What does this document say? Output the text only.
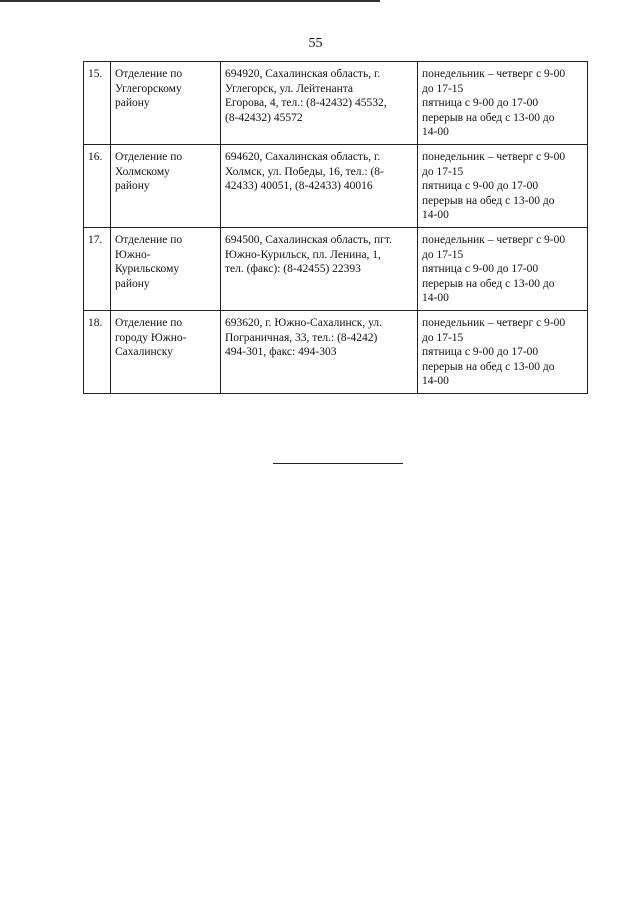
55
15.	Отделение по
Углегорскому
району	694920, Сахалинская область, г.
Углегорск, ул. Лейтенанта
Егорова, 4, тел.: (8-42432) 45532,
(8-42432) 45572	понедельник – четверг с 9-00
до 17-15
пятница с 9-00 до 17-00
перерыв на обед с 13-00 до
14-00

16.	Отделение по
Холмскому
району	694620, Сахалинская область, г.
Холмск, ул. Победы, 16, тел.: (8-
42433) 40051, (8-42433) 40016	понедельник – четверг с 9-00
до 17-15
пятница с 9-00 до 17-00
перерыв на обед с 13-00 до
14-00

17.	Отделение по
Южно-
Курильскому
району	694500, Сахалинская область, пгт.
Южно-Курильск, пл. Ленина, 1,
тел. (факс): (8-42455) 22393	понедельник – четверг с 9-00
до 17-15
пятница с 9-00 до 17-00
перерыв на обед с 13-00 до
14-00

18.	Отделение по
городу Южно-
Сахалинску	693620, г. Южно-Сахалинск, ул.
Пограничная, 33, тел.: (8-4242)
494-301, факс: 494-303	понедельник – четверг с 9-00
до 17-15
пятница с 9-00 до 17-00
перерыв на обед с 13-00 до
14-00
